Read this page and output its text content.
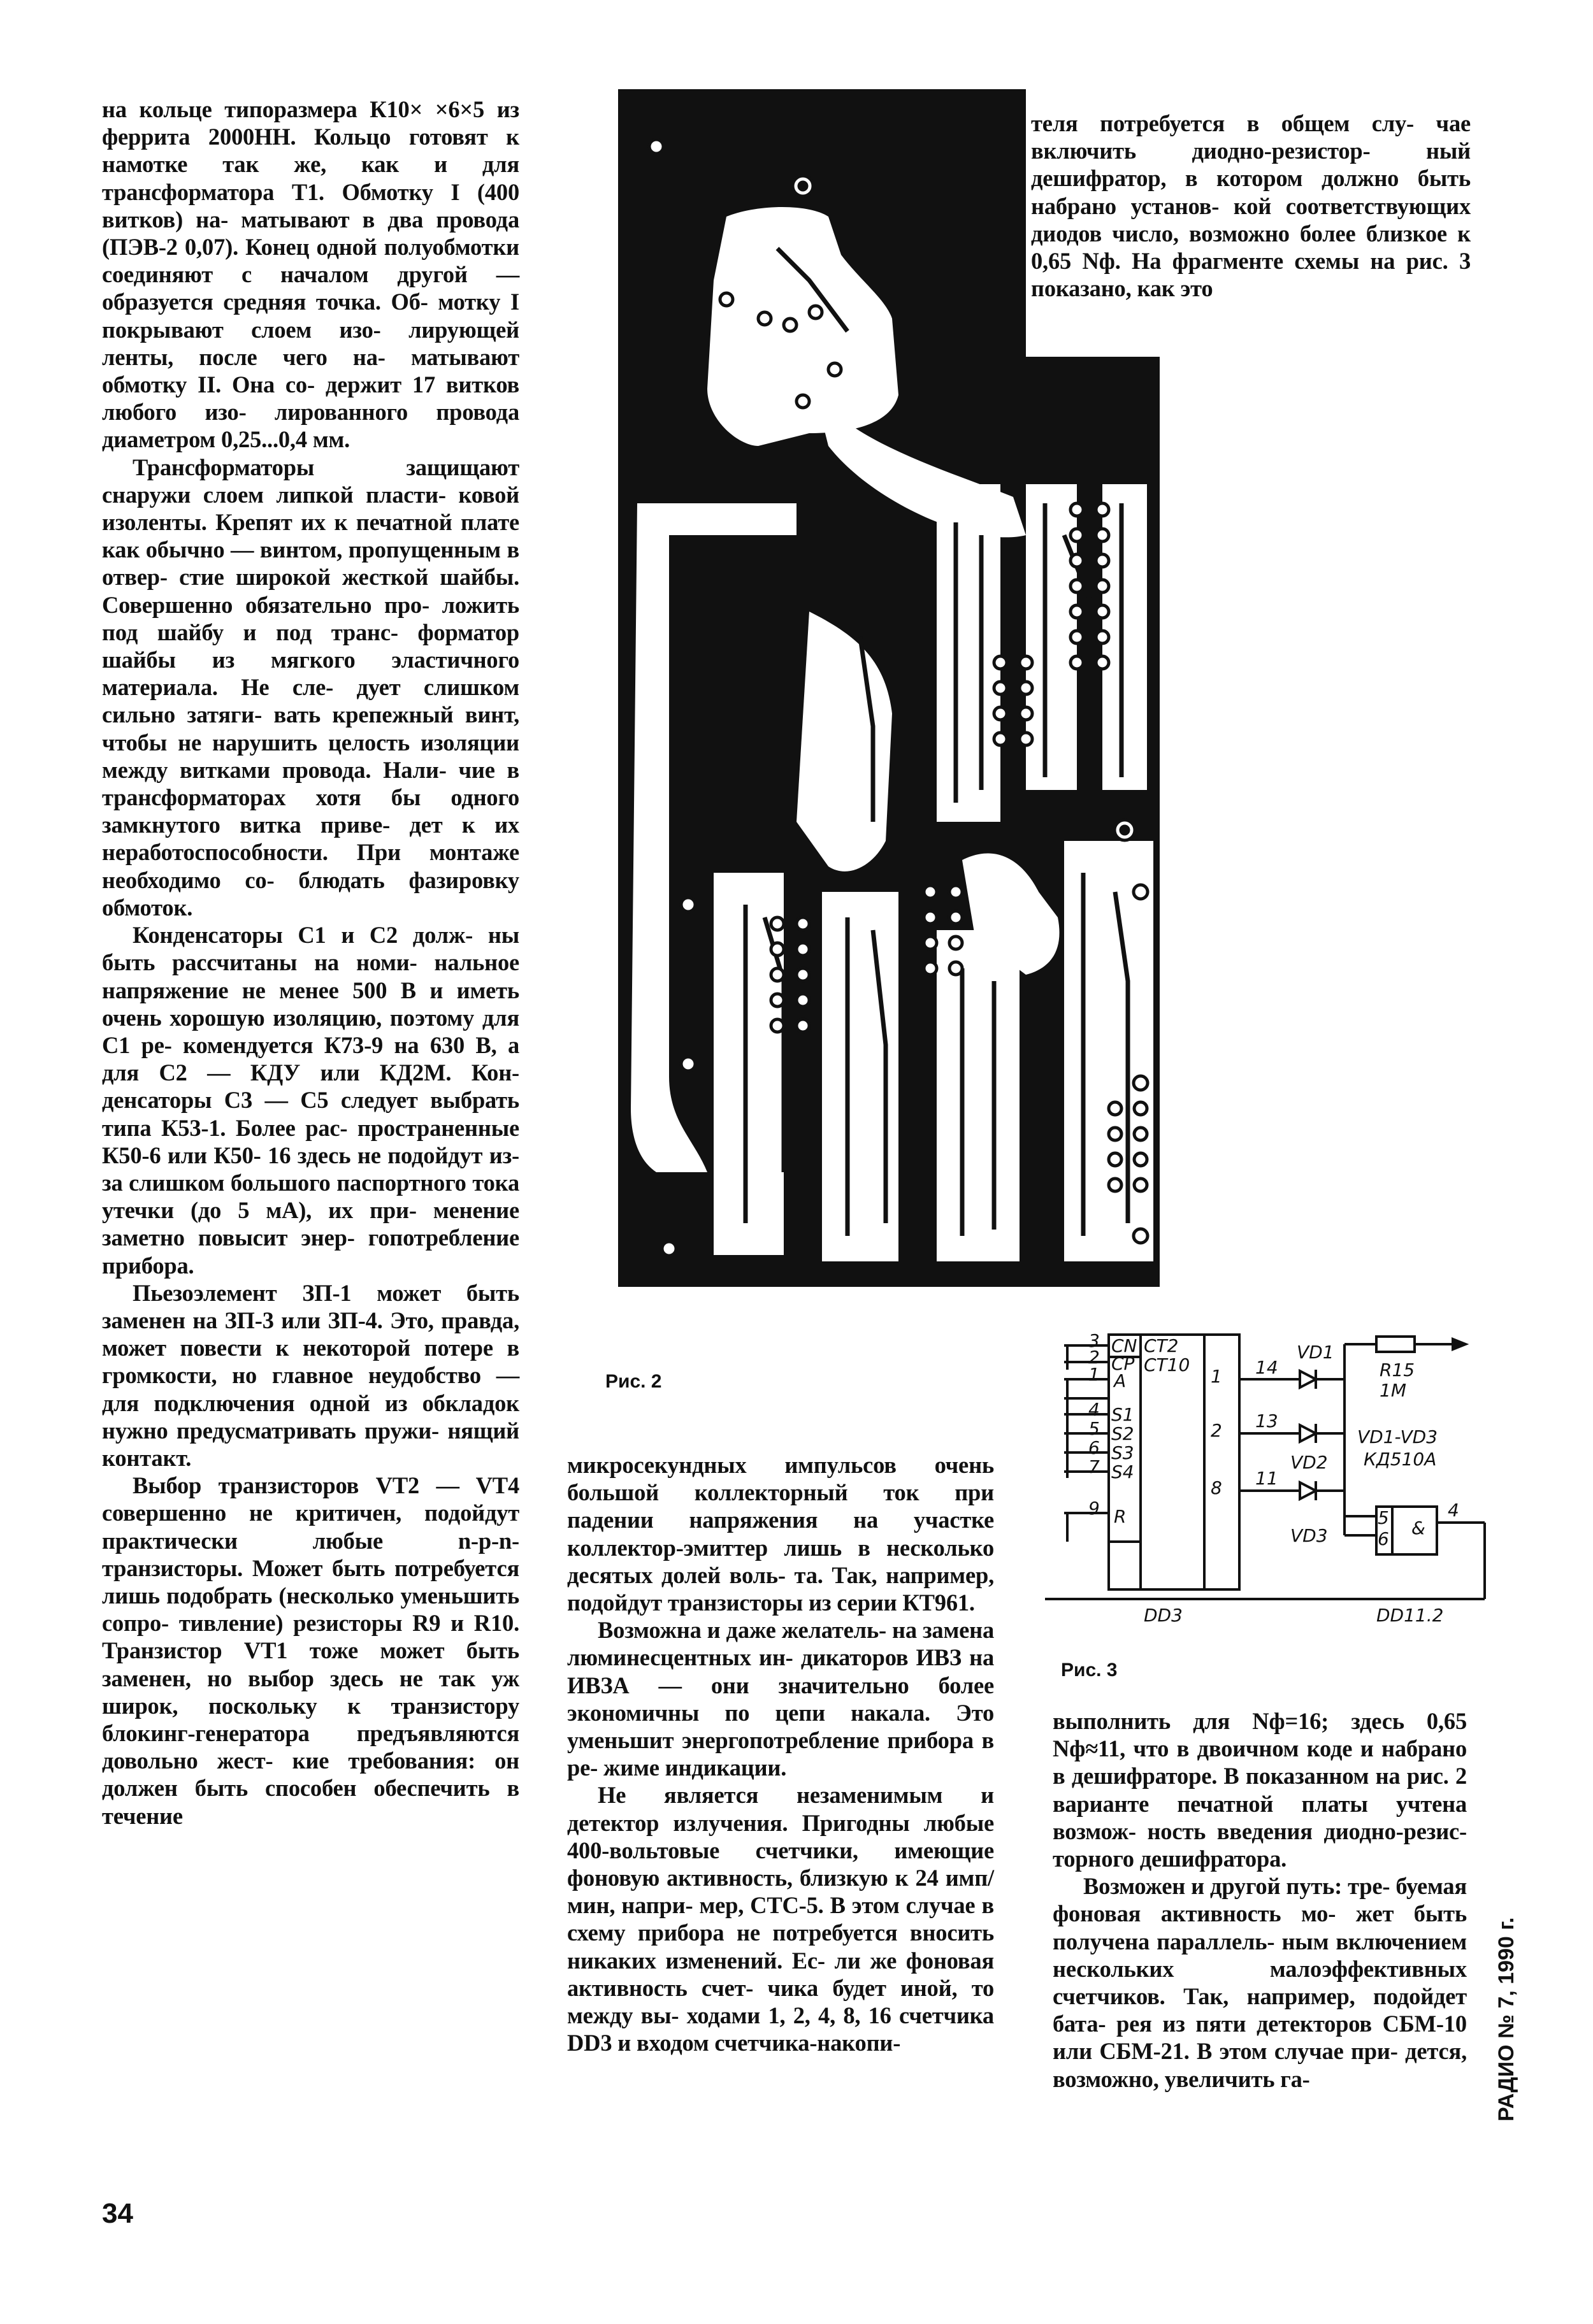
на кольце типоразмера К10× ×6×5 из феррита 2000НН. Кольцо готовят к намотке так же, как и для трансформатора Т1. Обмотку I (400 витков) на- матывают в два провода (ПЭВ-2 0,07). Конец одной полуобмотки соединяют с началом другой — образуется средняя точка. Об- мотку I покрывают слоем изо- лирующей ленты, после чего на- матывают обмотку II. Она со- держит 17 витков любого изо- лированного провода диаметром 0,25...0,4 мм.

Трансформаторы защищают снаружи слоем липкой пласти- ковой изоленты. Крепят их к печатной плате как обычно — винтом, пропущенным в отвер- стие широкой жесткой шайбы. Совершенно обязательно про- ложить под шайбу и под транс- форматор шайбы из мягкого эластичного материала. Не сле- дует слишком сильно затяги- вать крепежный винт, чтобы не нарушить целость изоляции между витками провода. Нали- чие в трансформаторах хотя бы одного замкнутого витка приве- дет к их неработоспособности. При монтаже необходимо со- блюдать фазировку обмоток.

Конденсаторы C1 и C2 долж- ны быть рассчитаны на номи- нальное напряжение не менее 500 В и иметь очень хорошую изоляцию, поэтому для C1 ре- комендуется К73-9 на 630 В, а для C2 — КДУ или КД2М. Кон- денсаторы C3 — C5 следует выбрать типа К53-1. Более рас- пространенные К50-6 или К50- 16 здесь не подойдут из-за слишком большого паспортного тока утечки (до 5 мА), их при- менение заметно повысит энер- гопотребление прибора.

Пьезоэлемент ЗП-1 может быть заменен на ЗП-3 или ЗП-4. Это, правда, может повести к некоторой потере в громкости, но главное неудобство — для подключения одной из обкладок нужно предусматривать пружи- нящий контакт.

Выбор транзисторов VT2 — VT4 совершенно не критичен, подойдут практически любые n-p-n-транзисторы. Может быть потребуется лишь подобрать (несколько уменьшить сопро- тивление) резисторы R9 и R10. Транзистор VT1 тоже может быть заменен, но выбор здесь не так уж широк, поскольку к транзистору блокинг-генератора предъявляются довольно жест- кие требования: он должен быть способен обеспечить в течение

Рис. 2
3
2
1
4
5
6
7
9
CN
CP
A
S1
S2
S3
S4
R
CT2
CT10
1
2
8
14
13
11
VD1
VD2
VD3
R15
1М
VD1-VD3
КД510А
5
6
&
4
DD3	DD11.2
Рис. 3

микросекундных импульсов очень большой коллекторный ток при падении напряжения на участке коллектор-эмиттер лишь в несколько десятых долей воль- та. Так, например, подойдут транзисторы из серии КТ961.

Возможна и даже желатель- на замена люминесцентных ин- дикаторов ИВЗ на ИВЗА — они значительно более экономичны по цепи накала. Это уменьшит энергопотребление прибора в ре- жиме индикации.

Не является незаменимым и детектор излучения. Пригодны любые 400-вольтовые счетчики, имеющие фоновую активность, близкую к 24 имп/мин, напри- мер, СТС-5. В этом случае в схему прибора не потребуется вносить никаких изменений. Ес- ли же фоновая активность счет- чика будет иной, то между вы- ходами 1, 2, 4, 8, 16 счетчика DD3 и входом счетчика-накопи-

теля потребуется в общем слу- чае включить диодно-резистор- ный дешифратор, в котором должно быть набрано установ- кой соответствующих диодов число, возможно более близкое к 0,65 Nф. На фрагменте схемы на рис. 3 показано, как это

выполнить для Nф=16; здесь 0,65 Nф≈11, что в двоичном коде и набрано в дешифраторе. В показанном на рис. 2 варианте печатной платы учтена возмож- ность введения диодно-резис- торного дешифратора.

Возможен и другой путь: тре- буемая фоновая активность мо- жет быть получена параллель- ным включением нескольких малоэффективных счетчиков. Так, например, подойдет бата- рея из пяти детекторов СБМ-10 или СБМ-21. В этом случае при- дется, возможно, увеличить га-

34
РАДИО № 7, 1990 г.
